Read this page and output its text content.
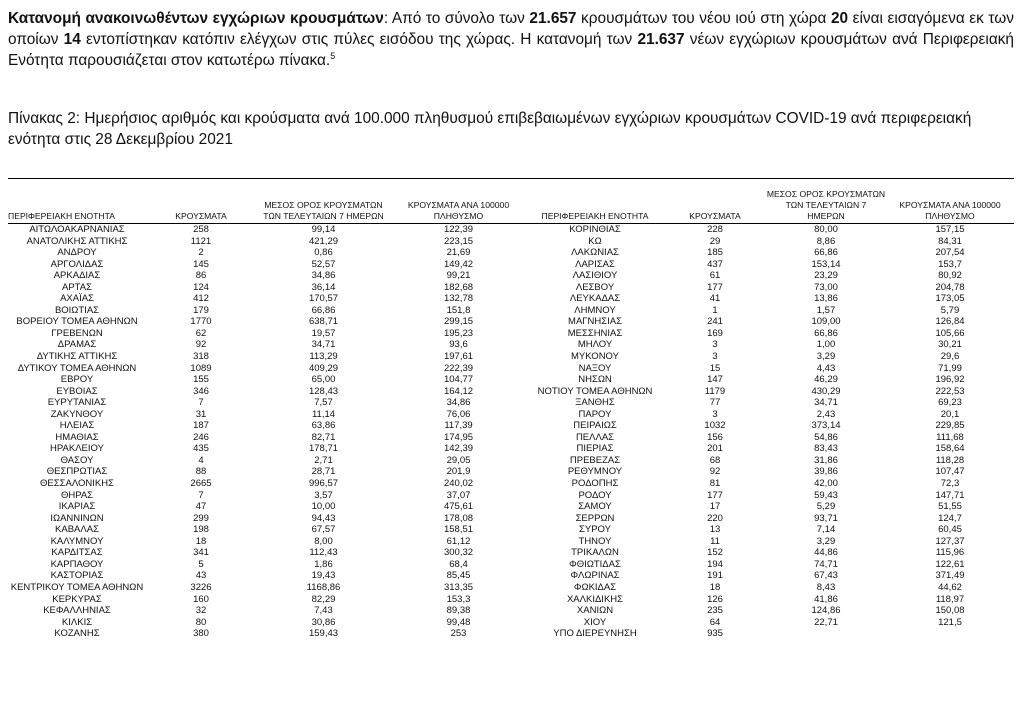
Κατανομή ανακοινωθέντων εγχώριων κρουσμάτων: Από το σύνολο των 21.657 κρουσμάτων του νέου ιού στη χώρα 20 είναι εισαγόμενα εκ των οποίων 14 εντοπίστηκαν κατόπιν ελέγχων στις πύλες εισόδου της χώρας. Η κατανομή των 21.637 νέων εγχώριων κρουσμάτων ανά Περιφερειακή Ενότητα παρουσιάζεται στον κατωτέρω πίνακα.$^5$

Πίνακας 2: Ημερήσιος αριθμός και κρούσματα ανά 100.000 πληθυσμού επιβεβαιωμένων εγχώριων κρουσμάτων COVID-19 ανά περιφερειακή ενότητα στις 28 Δεκεμβρίου 2021

ΠΕΡΙΦΕΡΕΙΑΚΗ ΕΝΟΤΗΤΑ	ΚΡΟΥΣΜΑΤΑ	ΜΕΣΟΣ ΟΡΟΣ ΚΡΟΥΣΜΑΤΩΝ ΤΩΝ ΤΕΛΕΥΤΑΙΩΝ 7 ΗΜΕΡΩΝ	ΚΡΟΥΣΜΑΤΑ ΑΝΑ 100000 ΠΛΗΘΥΣΜΟ	ΠΕΡΙΦΕΡΕΙΑΚΗ ΕΝΟΤΗΤΑ	ΚΡΟΥΣΜΑΤΑ	ΜΕΣΟΣ ΟΡΟΣ ΚΡΟΥΣΜΑΤΩΝ ΤΩΝ ΤΕΛΕΥΤΑΙΩΝ 7 ΗΜΕΡΩΝ	ΚΡΟΥΣΜΑΤΑ ΑΝΑ 100000 ΠΛΗΘΥΣΜΟ
ΑΙΤΩΛΟΑΚΑΡΝΑΝΙΑΣ	258	99,14	122,39	ΚΟΡΙΝΘΙΑΣ	228	80,00	157,15
ΑΝΑΤΟΛΙΚΗΣ ΑΤΤΙΚΗΣ	1121	421,29	223,15	ΚΩ	29	8,86	84,31
ΑΝΔΡΟΥ	2	0,86	21,69	ΛΑΚΩΝΙΑΣ	185	66,86	207,54
ΑΡΓΟΛΙΔΑΣ	145	52,57	149,42	ΛΑΡΙΣΑΣ	437	153,14	153,7
ΑΡΚΑΔΙΑΣ	86	34,86	99,21	ΛΑΣΙΘΙΟΥ	61	23,29	80,92
ΑΡΤΑΣ	124	36,14	182,68	ΛΕΣΒΟΥ	177	73,00	204,78
ΑΧΑΪΑΣ	412	170,57	132,78	ΛΕΥΚΑΔΑΣ	41	13,86	173,05
ΒΟΙΩΤΙΑΣ	179	66,86	151,8	ΛΗΜΝΟΥ	1	1,57	5,79
ΒΟΡΕΙΟΥ ΤΟΜΕΑ ΑΘΗΝΩΝ	1770	638,71	299,15	ΜΑΓΝΗΣΙΑΣ	241	109,00	126,84
ΓΡΕΒΕΝΩΝ	62	19,57	195,23	ΜΕΣΣΗΝΙΑΣ	169	66,86	105,66
ΔΡΑΜΑΣ	92	34,71	93,6	ΜΗΛΟΥ	3	1,00	30,21
ΔΥΤΙΚΗΣ ΑΤΤΙΚΗΣ	318	113,29	197,61	ΜΥΚΟΝΟΥ	3	3,29	29,6
ΔΥΤΙΚΟΥ ΤΟΜΕΑ ΑΘΗΝΩΝ	1089	409,29	222,39	ΝΑΞΟΥ	15	4,43	71,99
ΕΒΡΟΥ	155	65,00	104,77	ΝΗΣΩΝ	147	46,29	196,92
ΕΥΒΟΙΑΣ	346	128,43	164,12	ΝΟΤΙΟΥ ΤΟΜΕΑ ΑΘΗΝΩΝ	1179	430,29	222,53
ΕΥΡΥΤΑΝΙΑΣ	7	7,57	34,86	ΞΑΝΘΗΣ	77	34,71	69,23
ΖΑΚΥΝΘΟΥ	31	11,14	76,06	ΠΑΡΟΥ	3	2,43	20,1
ΗΛΕΙΑΣ	187	63,86	117,39	ΠΕΙΡΑΙΩΣ	1032	373,14	229,85
ΗΜΑΘΙΑΣ	246	82,71	174,95	ΠΕΛΛΑΣ	156	54,86	111,68
ΗΡΑΚΛΕΙΟΥ	435	178,71	142,39	ΠΙΕΡΙΑΣ	201	83,43	158,64
ΘΑΣΟΥ	4	2,71	29,05	ΠΡΕΒΕΖΑΣ	68	31,86	118,28
ΘΕΣΠΡΩΤΙΑΣ	88	28,71	201,9	ΡΕΘΥΜΝΟΥ	92	39,86	107,47
ΘΕΣΣΑΛΟΝΙΚΗΣ	2665	996,57	240,02	ΡΟΔΟΠΗΣ	81	42,00	72,3
ΘΗΡΑΣ	7	3,57	37,07	ΡΟΔΟΥ	177	59,43	147,71
ΙΚΑΡΙΑΣ	47	10,00	475,61	ΣΑΜΟΥ	17	5,29	51,55
ΙΩΑΝΝΙΝΩΝ	299	94,43	178,08	ΣΕΡΡΩΝ	220	93,71	124,7
ΚΑΒΑΛΑΣ	198	67,57	158,51	ΣΥΡΟΥ	13	7,14	60,45
ΚΑΛΥΜΝΟΥ	18	8,00	61,12	ΤΗΝΟΥ	11	3,29	127,37
ΚΑΡΔΙΤΣΑΣ	341	112,43	300,32	ΤΡΙΚΑΛΩΝ	152	44,86	115,96
ΚΑΡΠΑΘΟΥ	5	1,86	68,4	ΦΘΙΩΤΙΔΑΣ	194	74,71	122,61
ΚΑΣΤΟΡΙΑΣ	43	19,43	85,45	ΦΛΩΡΙΝΑΣ	191	67,43	371,49
ΚΕΝΤΡΙΚΟΥ ΤΟΜΕΑ ΑΘΗΝΩΝ	3226	1168,86	313,35	ΦΩΚΙΔΑΣ	18	8,43	44,62
ΚΕΡΚΥΡΑΣ	160	82,29	153,3	ΧΑΛΚΙΔΙΚΗΣ	126	41,86	118,97
ΚΕΦΑΛΛΗΝΙΑΣ	32	7,43	89,38	ΧΑΝΙΩΝ	235	124,86	150,08
ΚΙΛΚΙΣ	80	30,86	99,48	ΧΙΟΥ	64	22,71	121,5
ΚΟΖΑΝΗΣ	380	159,43	253	ΥΠΟ ΔΙΕΡΕΥΝΗΣΗ	935		
